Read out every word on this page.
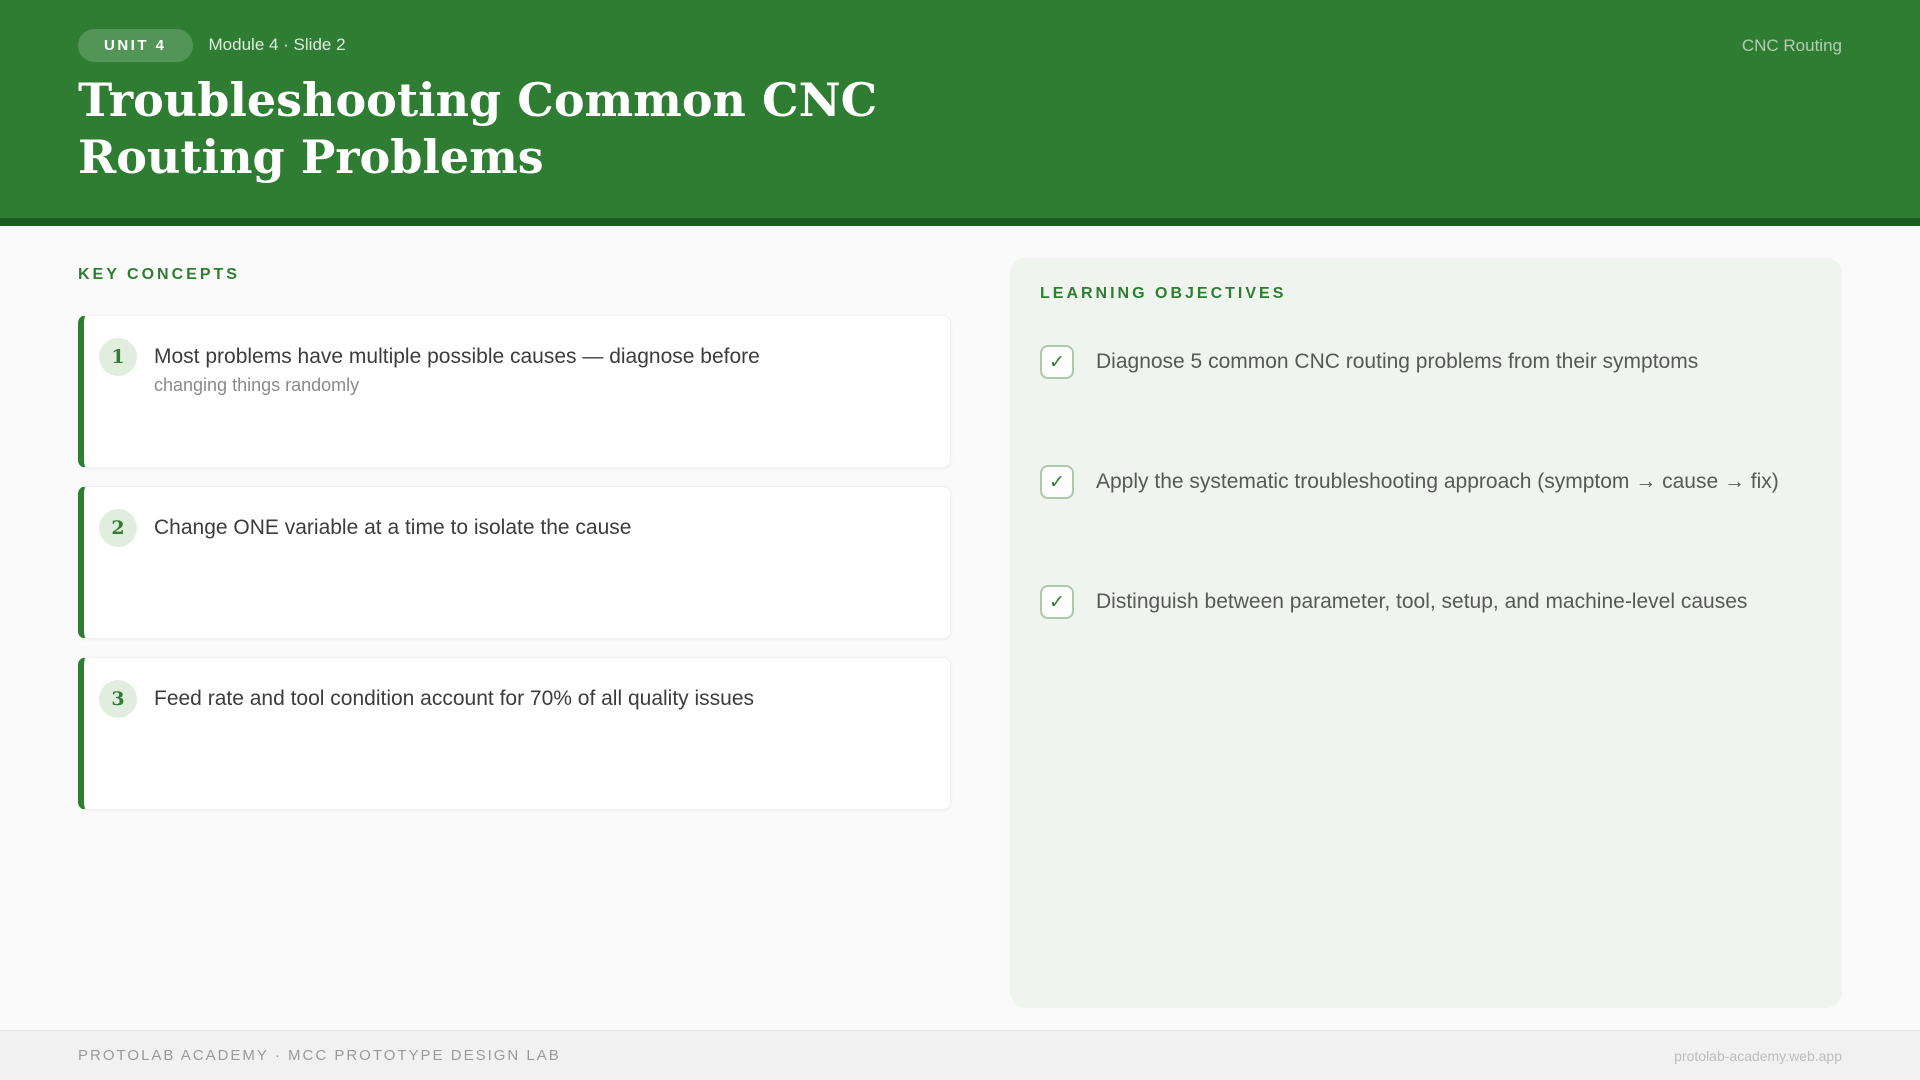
UNIT 4	Module 4 · Slide 2	CNC Routing
Troubleshooting Common CNC Routing Problems
KEY CONCEPTS
1	Most problems have multiple possible causes — diagnose before
changing things randomly
2	Change ONE variable at a time to isolate the cause
3	Feed rate and tool condition account for 70% of all quality issues
LEARNING OBJECTIVES
✓	Diagnose 5 common CNC routing problems from their symptoms
✓	Apply the systematic troubleshooting approach (symptom → cause → fix)
✓	Distinguish between parameter, tool, setup, and machine-level causes
PROTOLAB ACADEMY · MCC PROTOTYPE DESIGN LAB	protolab-academy.web.app
